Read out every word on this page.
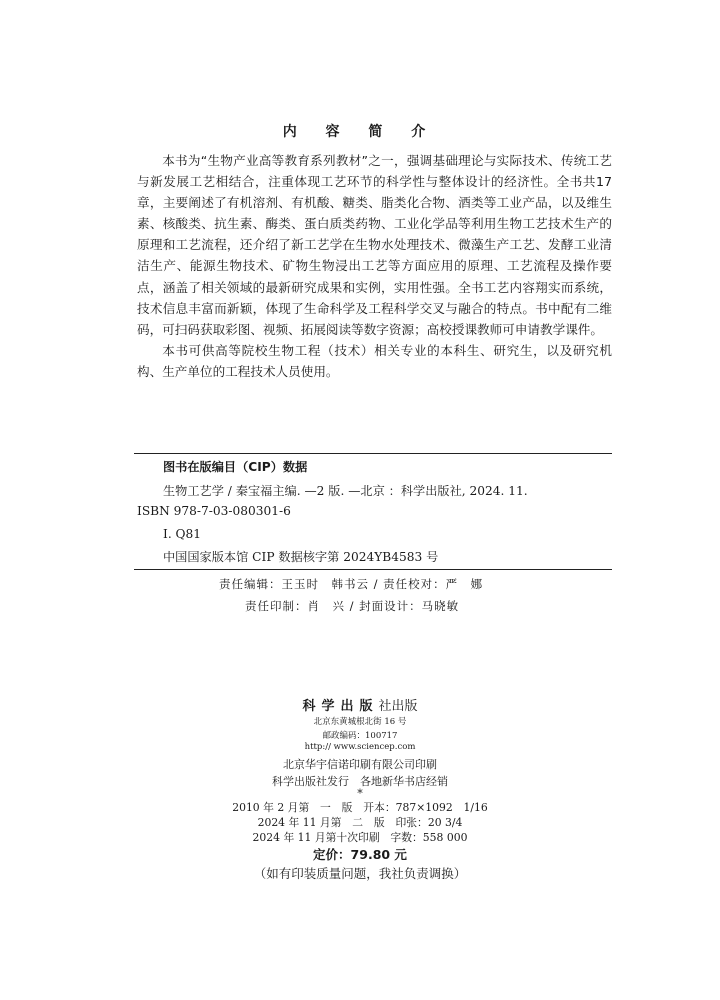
内 容 简 介

本书为“生物产业高等教育系列教材”之一，强调基础理论与实际技术、传统工艺与新发展工艺相结合，注重体现工艺环节的科学性与整体设计的经济性。全书共17章，主要阐述了有机溶剂、有机酸、糖类、脂类化合物、酒类等工业产品，以及维生素、核酸类、抗生素、酶类、蛋白质类药物、工业化学品等利用生物工艺技术生产的原理和工艺流程，还介绍了新工艺学在生物水处理技术、微藻生产工艺、发酵工业清洁生产、能源生物技术、矿物生物浸出工艺等方面应用的原理、工艺流程及操作要点，涵盖了相关领域的最新研究成果和实例，实用性强。全书工艺内容翔实而系统，技术信息丰富而新颖，体现了生命科学及工程科学交叉与融合的特点。书中配有二维码，可扫码获取彩图、视频、拓展阅读等数字资源；高校授课教师可申请教学课件。

本书可供高等院校生物工程（技术）相关专业的本科生、研究生，以及研究机构、生产单位的工程技术人员使用。

图书在版编目（CIP）数据
生物工艺学 / 秦宝福主编. —2 版. —北京 ：科学出版社, 2024. 11.
ISBN 978-7-03-080301-6
Ⅰ. Q81
中国国家版本馆 CIP 数据核字第 2024YB4583 号
责任编辑：王玉时　韩书云 / 责任校对：严　娜
责任印制：肖　兴 / 封面设计：马晓敏
科学出版社出版
北京东黄城根北街 16 号
邮政编码：100717
http:// www.sciencep.com
北京华宇信诺印刷有限公司印刷
科学出版社发行　各地新华书店经销
*
2010 年 2 月第　一　版　开本：787×1092　1/16
2024 年 11 月第　二　版　印张：20 3/4
2024 年 11 月第十次印刷　字数：558 000
定价：79.80 元
（如有印装质量问题，我社负责调换）
